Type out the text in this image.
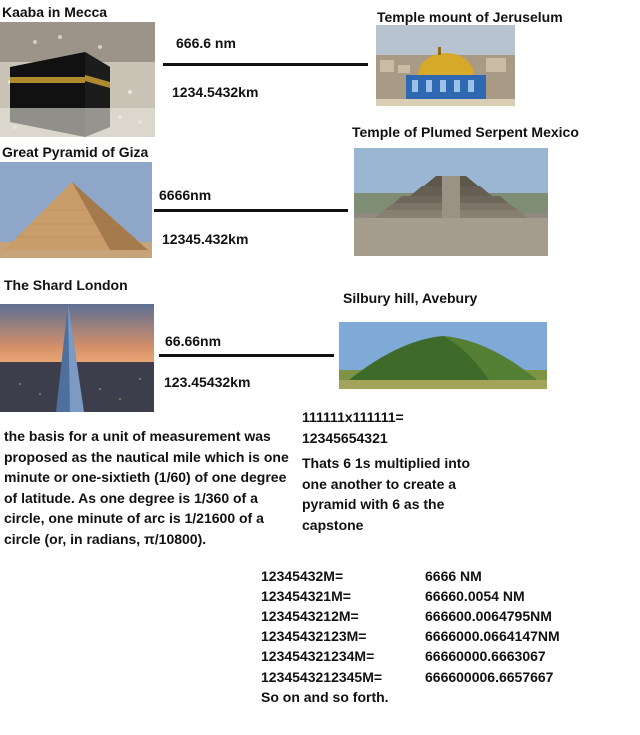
Kaaba in Mecca
666.6 nm
1234.5432km
Temple mount of Jeruselum
Temple of Plumed Serpent Mexico
Great Pyramid of Giza
6666nm
12345.432km
The Shard London
Silbury hill, Avebury
66.66nm
123.45432km
111111x111111=
12345654321
Thats 6 1s multiplied into one another to create a pyramid with 6 as the capstone
the basis for a unit of measurement was proposed as the nautical mile which is one minute or one-sixtieth (1/60) of one degree of latitude. As one degree is 1/360 of a circle, one minute of arc is 1/21600 of a circle (or, in radians, π/10800).
12345432M=	6666 NM
123454321M=	66660.0054 NM
1234543212M=	666600.0064795NM
12345432123M=	6666000.0664147NM
123454321234M=	66660000.6663067
1234543212345M=	666600006.6657667
So on and so forth.
